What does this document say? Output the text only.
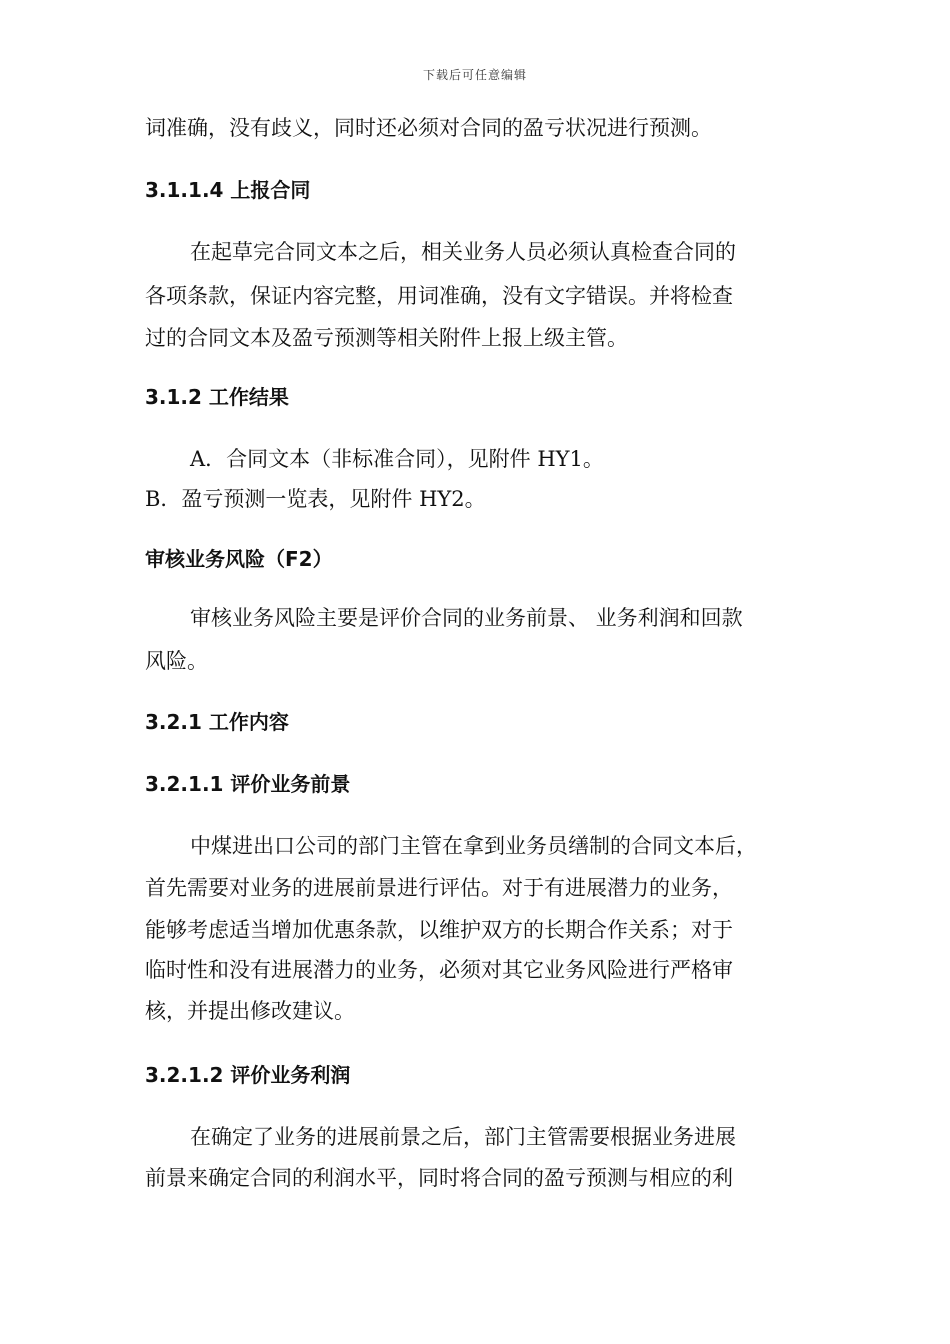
下载后可任意编辑
词准确，没有歧义，同时还必须对合同的盈亏状况进行预测。
3.1.1.4 上报合同
在起草完合同文本之后，相关业务人员必须认真检查合同的
各项条款，保证内容完整，用词准确，没有文字错误。并将检查
过的合同文本及盈亏预测等相关附件上报上级主管。
3.1.2 工作结果
A．合同文本（非标准合同），见附件 HY1。
B．盈亏预测一览表，见附件 HY2。
审核业务风险（F2）
审核业务风险主要是评价合同的业务前景、 业务利润和回款
风险。
3.2.1 工作内容
3.2.1.1 评价业务前景
中煤进出口公司的部门主管在拿到业务员缮制的合同文本后，
首先需要对业务的进展前景进行评估。对于有进展潜力的业务，
能够考虑适当增加优惠条款，以维护双方的长期合作关系；对于
临时性和没有进展潜力的业务，必须对其它业务风险进行严格审
核，并提出修改建议。
3.2.1.2 评价业务利润
在确定了业务的进展前景之后，部门主管需要根据业务进展
前景来确定合同的利润水平，同时将合同的盈亏预测与相应的利
